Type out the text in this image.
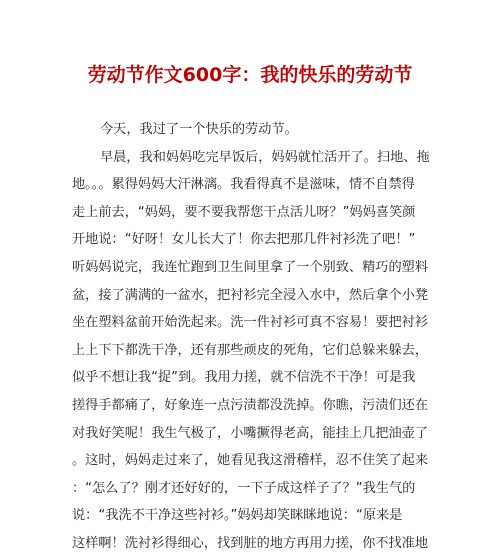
劳动节作文600字：我的快乐的劳动节
今天，我过了一个快乐的劳动节。
早晨，我和妈妈吃完早饭后，妈妈就忙活开了。扫地、拖
地。。。累得妈妈大汗淋漓。我看得真不是滋味，情不自禁得
走上前去，“妈妈，要不要我帮您干点活儿呀？”妈妈喜笑颜
开地说：“好呀！女儿长大了！你去把那几件衬衫洗了吧！”
听妈妈说完，我连忙跑到卫生间里拿了一个别致、精巧的塑料
盆，接了满满的一盆水，把衬衫完全浸入水中，然后拿个小凳
坐在塑料盆前开始洗起来。洗一件衬衫可真不容易！要把衬衫
上上下下都洗干净，还有那些顽皮的死角，它们总躲来躲去，
似乎不想让我“捉”到。我用力搓，就不信洗不干净！可是我
搓得手都痛了，好象连一点污渍都没洗掉。你瞧，污渍们还在
对我好笑呢！我生气极了，小嘴撅得老高，能挂上几把油壶了
。这时，妈妈走过来了，她看见我这滑稽样，忍不住笑了起来
：“怎么了？刚才还好好的，一下子成这样子了？”我生气的
说：“我洗不干净这些衬衫。”妈妈却笑眯眯地说：“原来是
这样啊！洗衬衫得细心，找到脏的地方再用力搓，你不找准地
